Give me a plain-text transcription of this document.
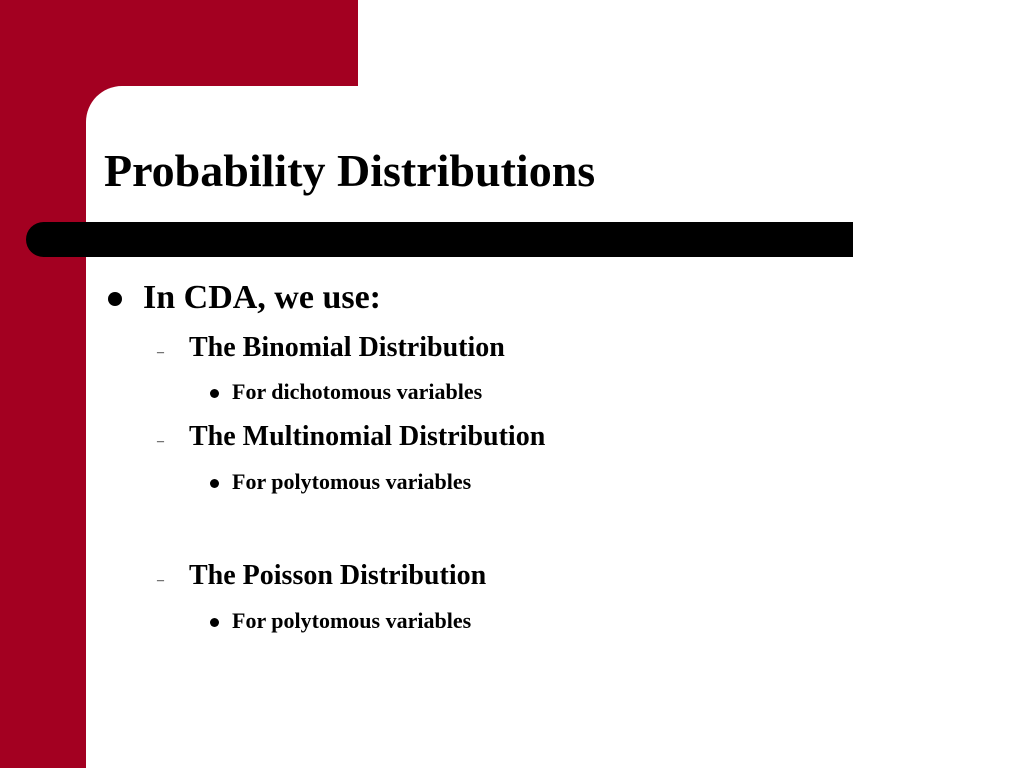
Probability Distributions
In CDA, we use:
– The Binomial Distribution
For dichotomous variables
– The Multinomial Distribution
For polytomous variables
– The Poisson Distribution
For polytomous variables
